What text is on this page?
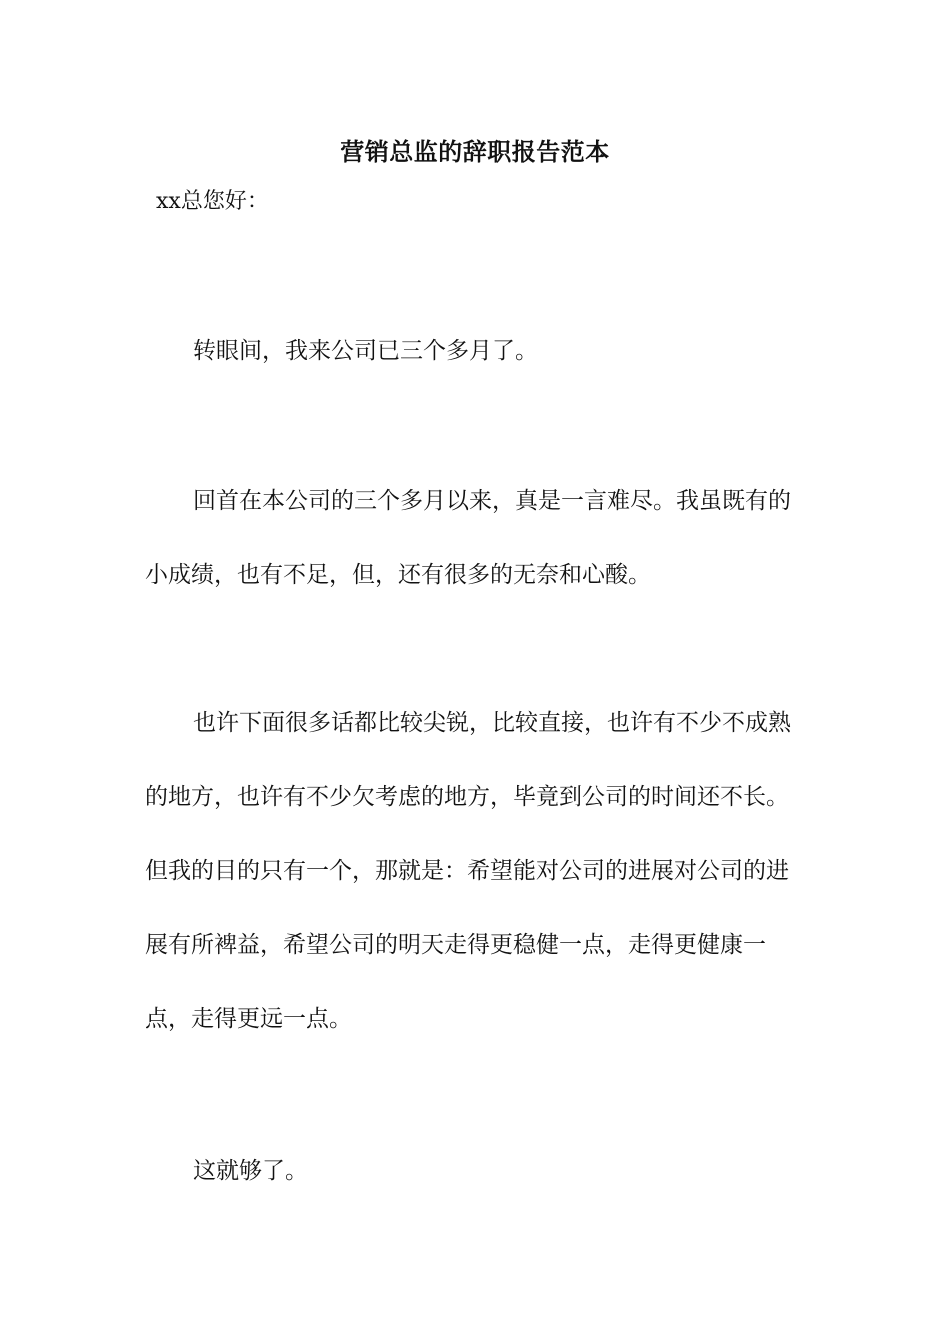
营销总监的辞职报告范本
xx总您好：

转眼间，我来公司已三个多月了。

回首在本公司的三个多月以来，真是一言难尽。我虽既有的小成绩，也有不足，但，还有很多的无奈和心酸。

也许下面很多话都比较尖锐，比较直接，也许有不少不成熟的地方，也许有不少欠考虑的地方，毕竟到公司的时间还不长。但我的目的只有一个，那就是：希望能对公司的进展对公司的进展有所裨益，希望公司的明天走得更稳健一点，走得更健康一点，走得更远一点。

这就够了。
